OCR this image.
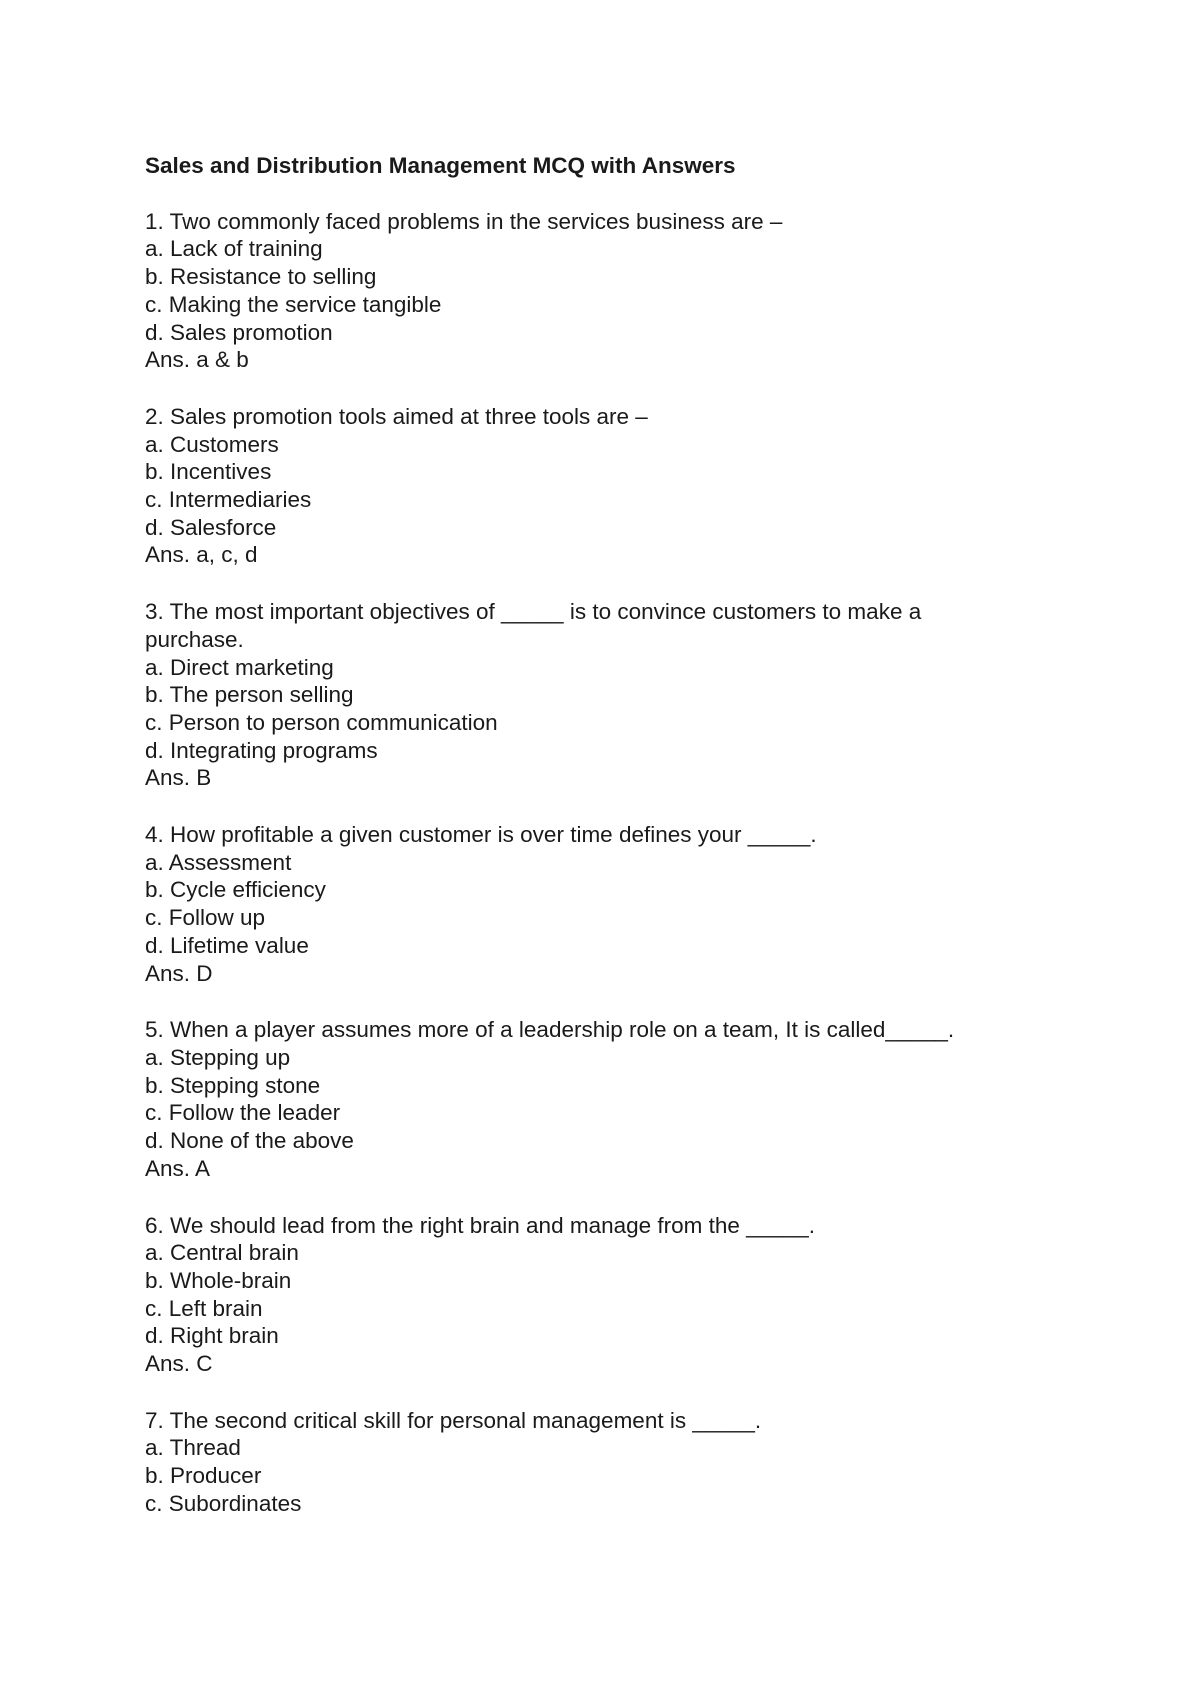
Sales and Distribution Management MCQ with Answers

1. Two commonly faced problems in the services business are –

a. Lack of training

b. Resistance to selling

c. Making the service tangible

d. Sales promotion

Ans. a & b

2. Sales promotion tools aimed at three tools are –

a. Customers

b. Incentives

c. Intermediaries

d. Salesforce

Ans. a, c, d

3. The most important objectives of _____ is to convince customers to make a purchase.

a. Direct marketing

b. The person selling

c. Person to person communication

d. Integrating programs

Ans. B

4. How profitable a given customer is over time defines your _____.

a. Assessment

b. Cycle efficiency

c. Follow up

d. Lifetime value

Ans. D

5. When a player assumes more of a leadership role on a team, It is called_____.

a. Stepping up

b. Stepping stone

c. Follow the leader

d. None of the above

Ans. A

6. We should lead from the right brain and manage from the _____.

a. Central brain

b. Whole-brain

c. Left brain

d. Right brain

Ans. C

7. The second critical skill for personal management is _____.

a. Thread

b. Producer

c. Subordinates
